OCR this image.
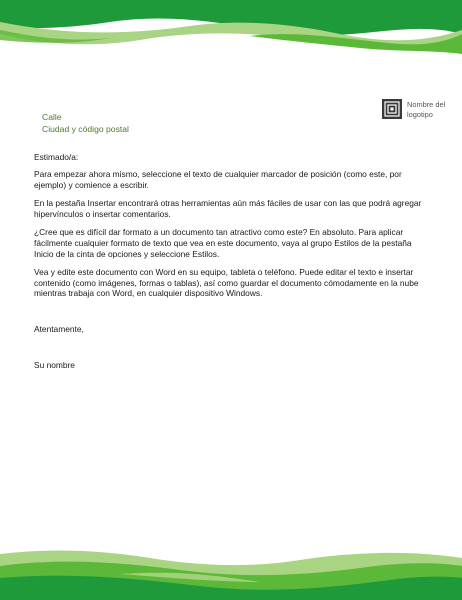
Calle
Ciudad y código postal
Nombre del logotipo

Estimado/a:

Para empezar ahora mismo, seleccione el texto de cualquier marcador de posición (como este, por ejemplo) y comience a escribir.

En la pestaña Insertar encontrará otras herramientas aún más fáciles de usar con las que podrá agregar hipervínculos o insertar comentarios.

¿Cree que es difícil dar formato a un documento tan atractivo como este? En absoluto. Para aplicar fácilmente cualquier formato de texto que vea en este documento, vaya al grupo Estilos de la pestaña Inicio de la cinta de opciones y seleccione Estilos.

Vea y edite este documento con Word en su equipo, tableta o teléfono. Puede editar el texto e insertar contenido (como imágenes, formas o tablas), así como guardar el documento cómodamente en la nube mientras trabaja con Word, en cualquier dispositivo Windows.

Atentamente,

Su nombre
